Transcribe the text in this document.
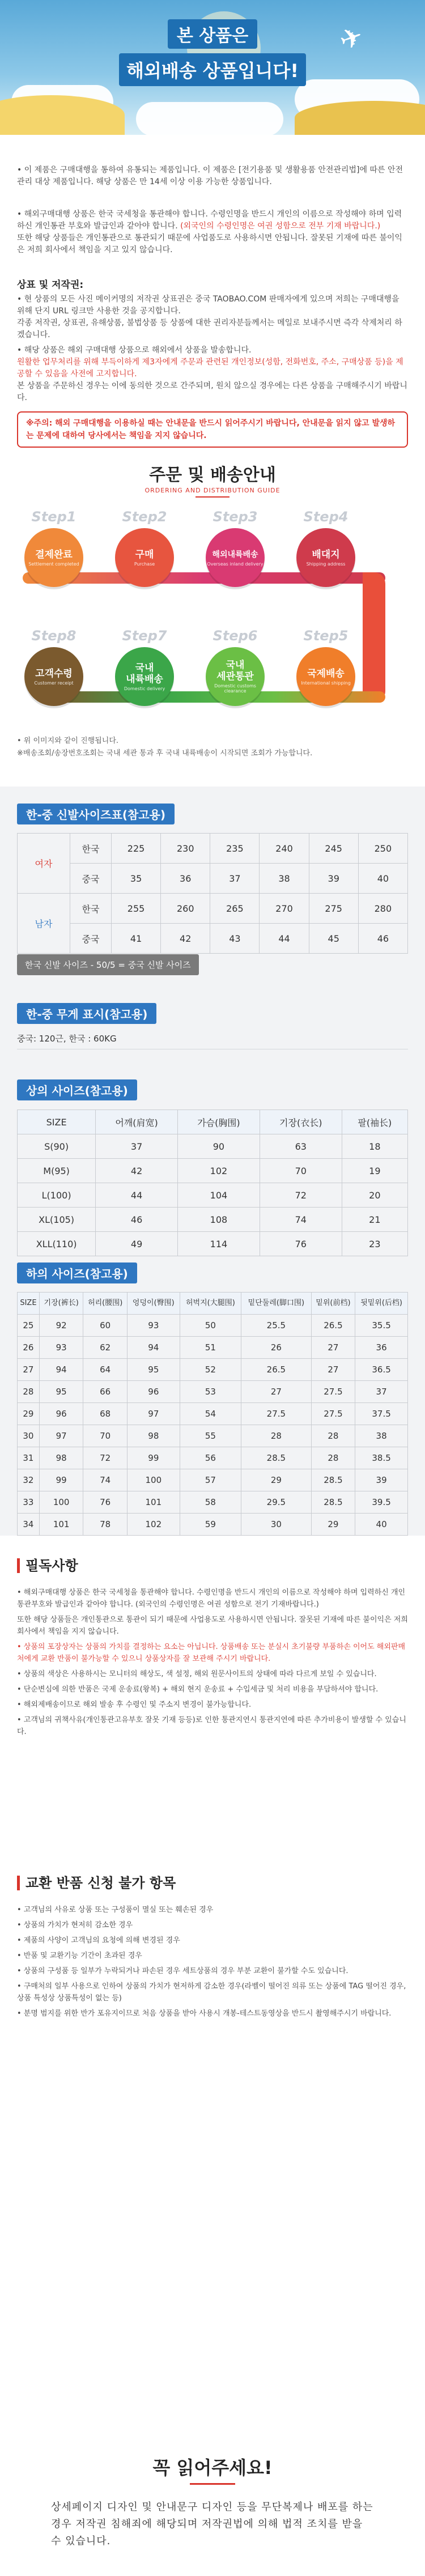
✈
본 상품은
해외배송 상품입니다!

• 이 제품은 구매대행을 통하여 유통되는 제품입니다. 이 제품은 [전기용품 및 생활용품 안전관리법]에 따른 안전관리 대상 제품입니다. 해당 상품은 만 14세 이상 이용 가능한 상품입니다.

• 해외구매대행 상품은 한국 국세청을 통관해야 합니다. 수령인명을 반드시 개인의 이름으로 작성해야 하며 입력하신 개인통관 부호와 발급인과 같아야 합니다. (외국인의 수령인명은 여권 성함으로 전부 기재 바랍니다.)

또한 해당 상품들은 개인통관으로 통관되기 때문에 사업품도로 사용하시면 안됩니다. 잘못된 기재에 따른 불이익은 저희 회사에서 책임을 지고 있지 않습니다.

상표 및 저작권:

• 현 상품의 모든 사진 메이커명의 저작권 상표권은 중국 TAOBAO.COM 판매자에게 있으며 저희는 구매대행을 위해 단지 URL 링크만 사용한 것을 공지합니다.

각종 저작권, 상표권, 유해상품, 불법상품 등 상품에 대한 권리자분들께서는 메일로 보내주시면 즉각 삭제처리 하겠습니다.

• 해당 상품은 해외 구매대행 상품으로 해외에서 상품을 발송합니다.

원활한 업무처리를 위해 부득이하게 제3자에게 주문과 관련된 개인정보(성함, 전화번호, 주소, 구매상품 등)을 제공할 수 있음을 사전에 고지합니다.

본 상품을 주문하신 경우는 이에 동의한 것으로 간주되며, 원치 않으실 경우에는 다른 상품을 구매해주시기 바랍니다.

※주의: 해외 구매대행을 이용하실 때는 안내문을 반드시 읽어주시기 바랍니다, 안내문을 읽지 않고 발생하는 문제에 대하여 당사에서는 책임을 지지 않습니다.
주문 및 배송안내
ORDERING AND DISTRIBUTION GUIDE
Step1
결제완료
Settlement completed
Step2
구매
Purchase
Step3
해외내륙배송
Overseas inland delivery
Step4
배대지
Shipping address
Step5
국제배송
International shipping
Step6
국내
세관통관
Domestic customs clearance
Step7
국내
내륙배송
Domestic delivery
Step8
고객수령
Customer receipt
• 위 이미지와 같이 진행됩니다.
※배송조회/송장번호조회는 국내 세관 통과 후 국내 내륙배송이 시작되면 조회가 가능합니다.
한-중 신발사이즈표(참고용)
여자	한국	225	230	235	240	245	250
	중국	35	36	37	38	39	40
남자	한국	255	260	265	270	275	280
	중국	41	42	43	44	45	46
한국 신발 사이즈 - 50/5 = 중국 신발 사이즈
한-중 무게 표시(참고용)
중국: 120근, 한국 : 60KG
상의 사이즈(참고용)
SIZE	어깨(肩宽)	가슴(胸围)	기장(衣长)	팔(袖长)
S(90)	37	90	63	18
M(95)	42	102	70	19
L(100)	44	104	72	20
XL(105)	46	108	74	21
XLL(110)	49	114	76	23
하의 사이즈(참고용)
SIZE	기장(裤长)	허리(腰围)	엉덩이(臀围)	허벅지(大腿围)	밑단둘레(脚口围)	밑위(前档)	뒷밑위(后档)
25	92	60	93	50	25.5	26.5	35.5
26	93	62	94	51	26	27	36
27	94	64	95	52	26.5	27	36.5
28	95	66	96	53	27	27.5	37
29	96	68	97	54	27.5	27.5	37.5
30	97	70	98	55	28	28	38
31	98	72	99	56	28.5	28	38.5
32	99	74	100	57	29	28.5	39
33	100	76	101	58	29.5	28.5	39.5
34	101	78	102	59	30	29	40
필독사항

• 해외구매대행 상품은 한국 국세청을 통관해야 합니다. 수령인명을 반드시 개인의 이름으로 작성해야 하며 입력하신 개인통관부호와 발급인과 같아야 합니다. (외국인의 수령인명은 여권 성함으로 전기 기재바랍니다.)

또한 해당 상품들은 개인통관으로 통관이 되기 때문에 사업용도로 사용하시면 안됩니다. 잘못된 기재에 따른 불이익은 저희 회사에서 책임을 지지 않습니다.

• 상품의 포장상자는 상품의 가치를 결정하는 요소는 아닙니다. 상품배송 또는 분실시 초기불량 부품하손 이어도 해외판매처에게 교환 반품이 불가능할 수 있으니 상품상자를 잘 보관해 주시기 바랍니다.

• 상품의 색상은 사용하시는 모니터의 해상도, 색 설정, 해외 원문사이트의 상태에 따라 다르게 보일 수 있습니다.

• 단순변심에 의한 반품은 국제 운송료(왕복) + 해외 현지 운송료 + 수입세금 및 처리 비용을 부담하셔야 합니다.

• 해외제배송이므로 해외 발송 후 수령인 및 주소지 변경이 불가능합니다.

• 고객님의 귀책사유(개인통관고유부호 잘못 기재 등등)로 인한 통관지연시 통관지연에 따른 추가비용이 발생할 수 있습니다.

교환 반품 신청 불가 항목

• 고객님의 사유로 상품 또는 구성품이 멸실 또는 훼손된 경우

• 상품의 가치가 현저히 감소한 경우

• 제품의 사양이 고객님의 요청에 의해 변경된 경우

• 반품 및 교환기능 기간이 초과된 경우

• 상품의 구성품 등 일부가 누락되거나 파손된 경우 세트상품의 경우 부분 교환이 불가할 수도 있습니다.

• 구매처의 일부 사용으로 인하여 상품의 가치가 현저하게 감소한 경우(라벨이 떨어진 의류 또는 상품에 TAG 떨어진 경우, 상품 특성상 상품특성이 없는 등)

• 분명 범지를 위한 반가 포유지이므로 처음 상품을 받아 사용시 개봉-테스트동영상을 반드시 촬영해주시기 바랍니다.

꼭 읽어주세요!
상세페이지 디자인 및 안내문구 디자인 등을 무단복제나 배포를 하는 경우 저작권 침해죄에 해당되며 저작권법에 의해 법적 조치를 받을 수 있습니다.
